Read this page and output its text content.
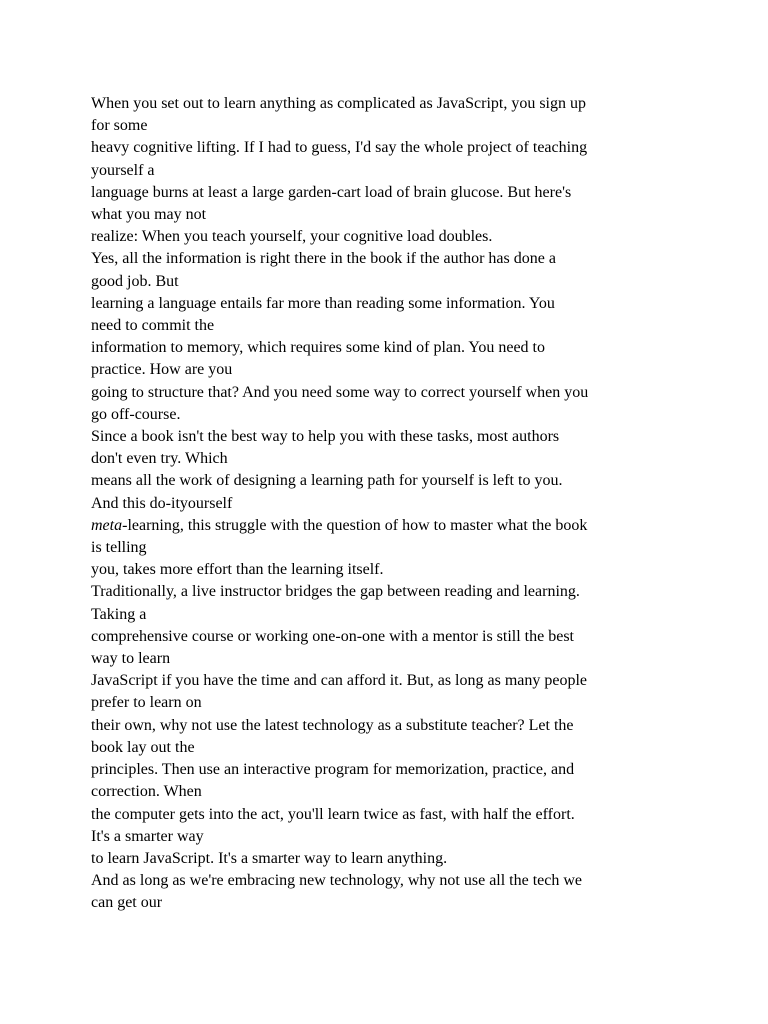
When you set out to learn anything as complicated as JavaScript, you sign up
for some
heavy cognitive lifting. If I had to guess, I'd say the whole project of teaching
yourself a
language burns at least a large garden-cart load of brain glucose. But here's
what you may not
realize: When you teach yourself, your cognitive load doubles.
Yes, all the information is right there in the book if the author has done a
good job. But
learning a language entails far more than reading some information. You
need to commit the
information to memory, which requires some kind of plan. You need to
practice. How are you
going to structure that? And you need some way to correct yourself when you
go off-course.
Since a book isn't the best way to help you with these tasks, most authors
don't even try. Which
means all the work of designing a learning path for yourself is left to you.
And this do-ityourself
meta-learning, this struggle with the question of how to master what the book
is telling
you, takes more effort than the learning itself.
Traditionally, a live instructor bridges the gap between reading and learning.
Taking a
comprehensive course or working one-on-one with a mentor is still the best
way to learn
JavaScript if you have the time and can afford it. But, as long as many people
prefer to learn on
their own, why not use the latest technology as a substitute teacher? Let the
book lay out the
principles. Then use an interactive program for memorization, practice, and
correction. When
the computer gets into the act, you'll learn twice as fast, with half the effort.
It's a smarter way
to learn JavaScript. It's a smarter way to learn anything.
And as long as we're embracing new technology, why not use all the tech we
can get our
